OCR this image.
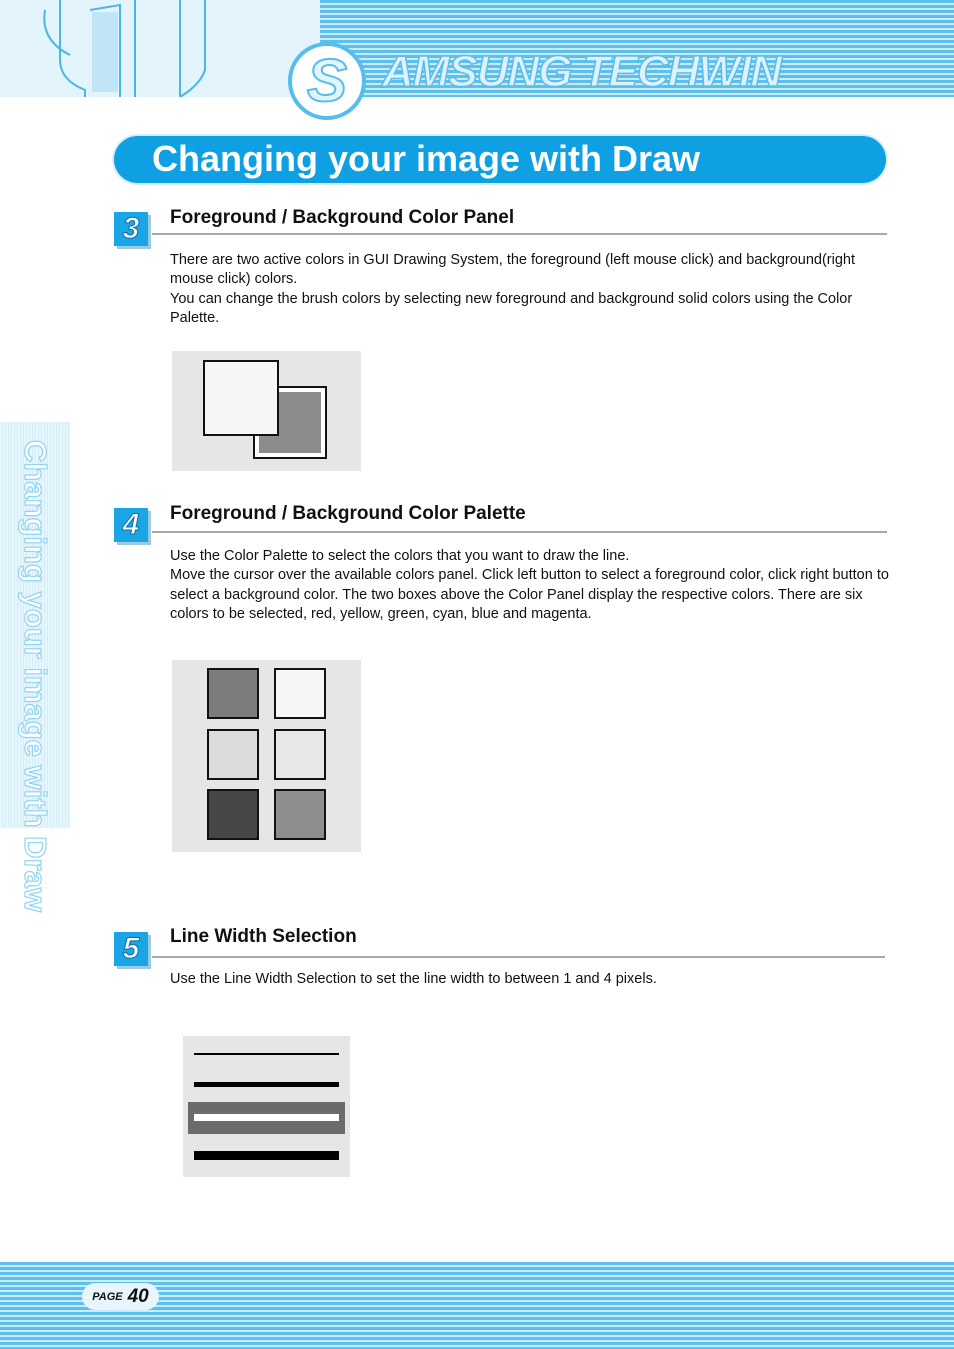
S AMSUNG TECHWIN
Changing your image with Draw
Changing your image with Draw
3 Foreground / Background Color Panel

There are two active colors in GUI Drawing System, the foreground (left mouse click) and background(right mouse click) colors.

You can change the brush colors by selecting new foreground and background solid colors using the Color Palette.

4 Foreground / Background Color Palette

Use the Color Palette to select the colors that you want to draw the line.

Move the cursor over the available colors panel. Click left button to select a foreground color, click right button to select a background color. The two boxes above the Color Panel display the respective colors. There are six colors to be selected, red, yellow, green, cyan, blue and magenta.

5 Line Width Selection

Use the Line Width Selection to set the line width to between 1 and 4 pixels.

PAGE 40
